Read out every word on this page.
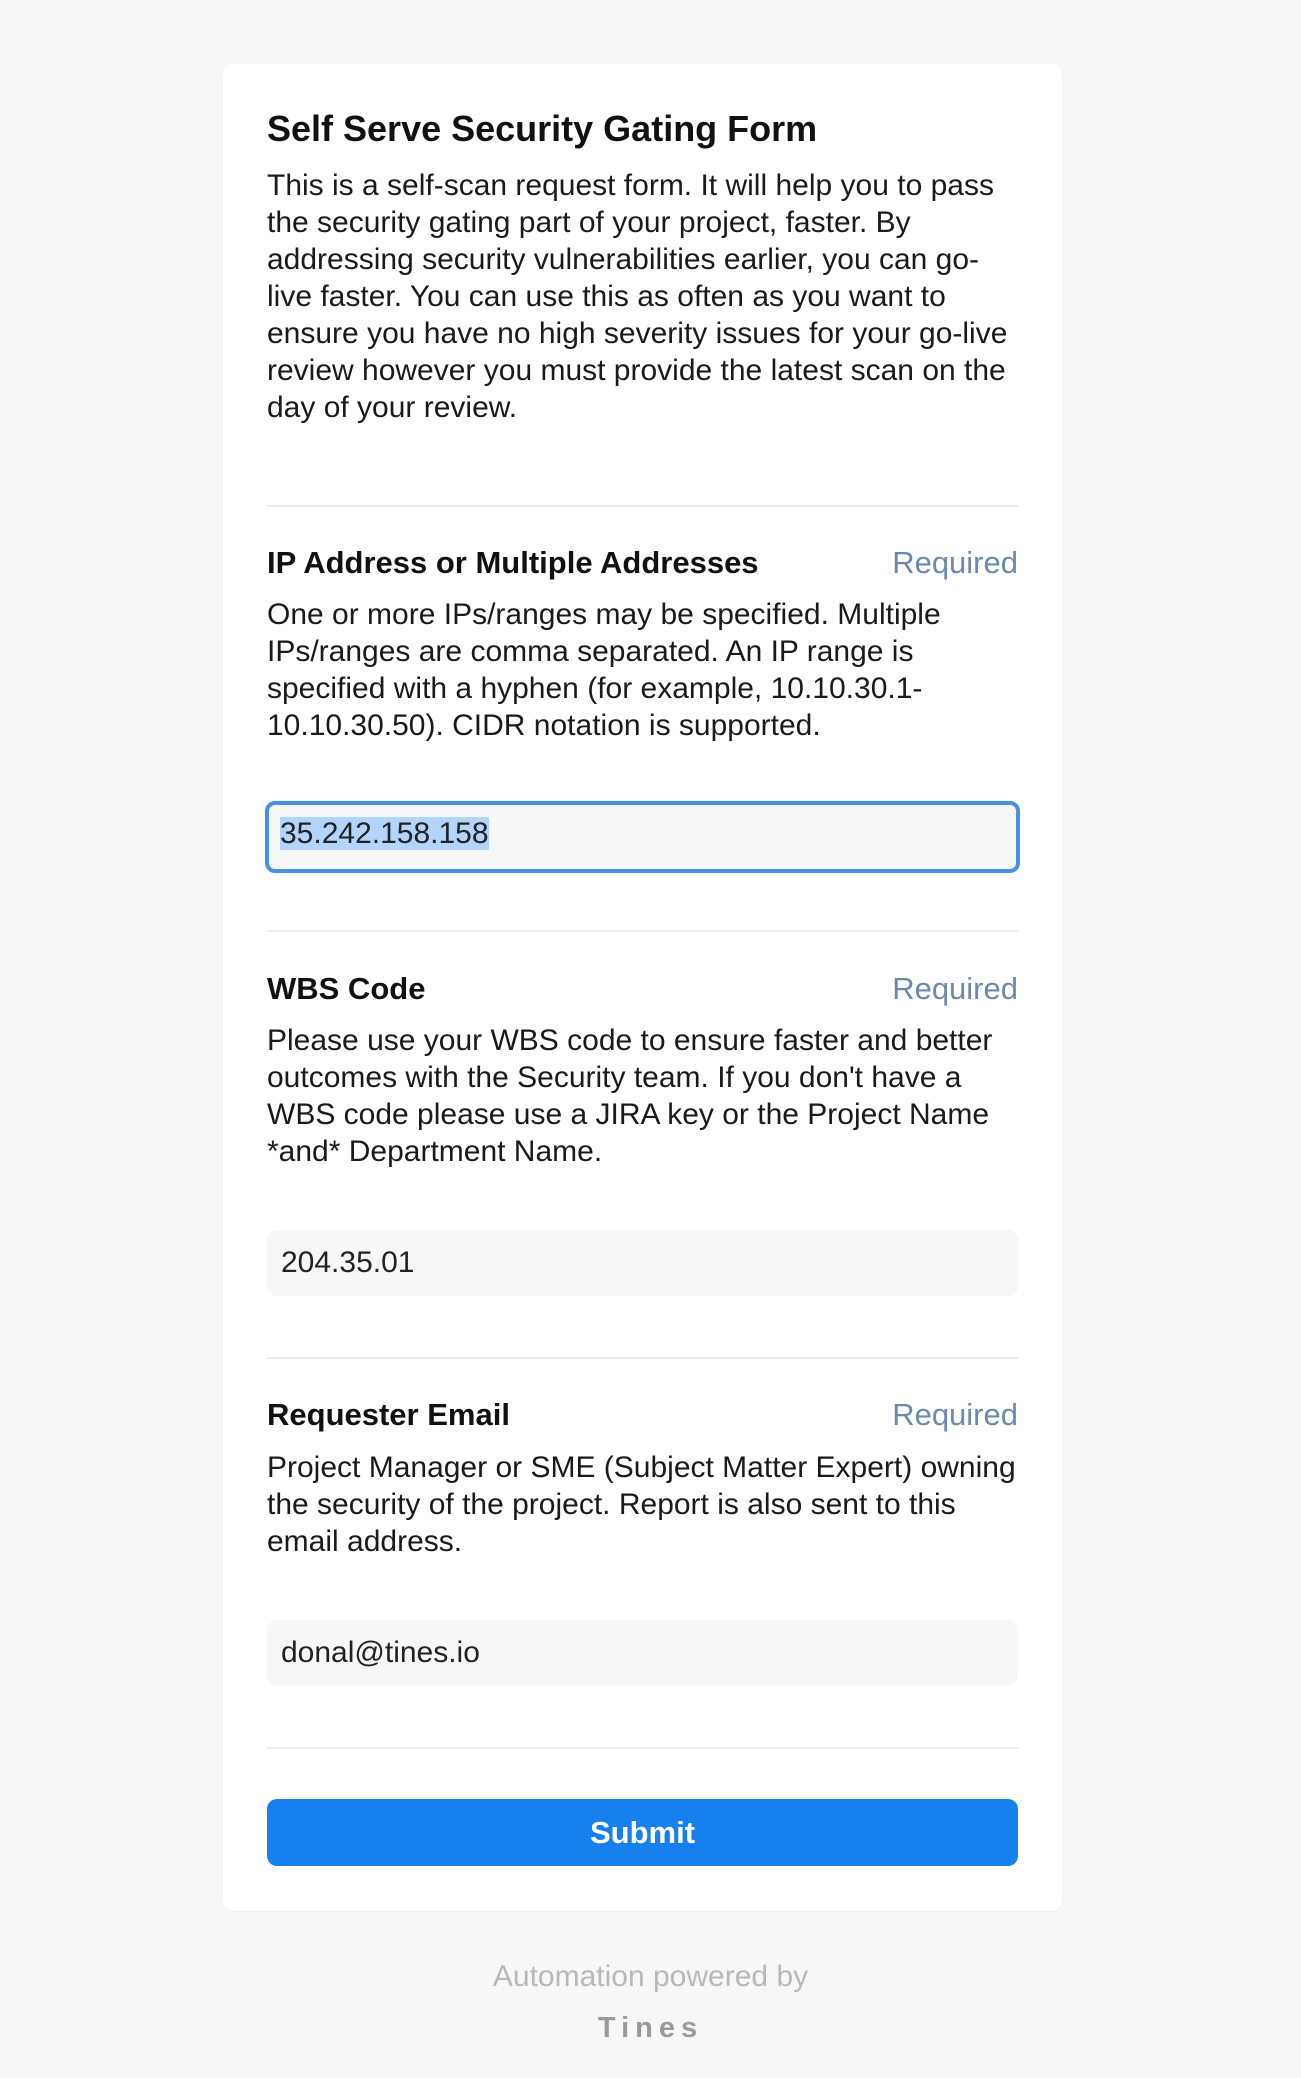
Self Serve Security Gating Form
This is a self-scan request form. It will help you to pass the security gating part of your project, faster. By addressing security vulnerabilities earlier, you can go-live faster. You can use this as often as you want to ensure you have no high severity issues for your go-live review however you must provide the latest scan on the day of your review.
IP Address or Multiple Addresses	Required
One or more IPs/ranges may be specified. Multiple IPs/ranges are comma separated. An IP range is specified with a hyphen (for example, 10.10.30.1-10.10.30.50). CIDR notation is supported.
35.242.158.158
WBS Code	Required
Please use your WBS code to ensure faster and better outcomes with the Security team. If you don't have a WBS code please use a JIRA key or the Project Name *and* Department Name.
204.35.01
Requester Email	Required
Project Manager or SME (Subject Matter Expert) owning the security of the project. Report is also sent to this email address.
donal@tines.io
Submit
Automation powered by
Tines
